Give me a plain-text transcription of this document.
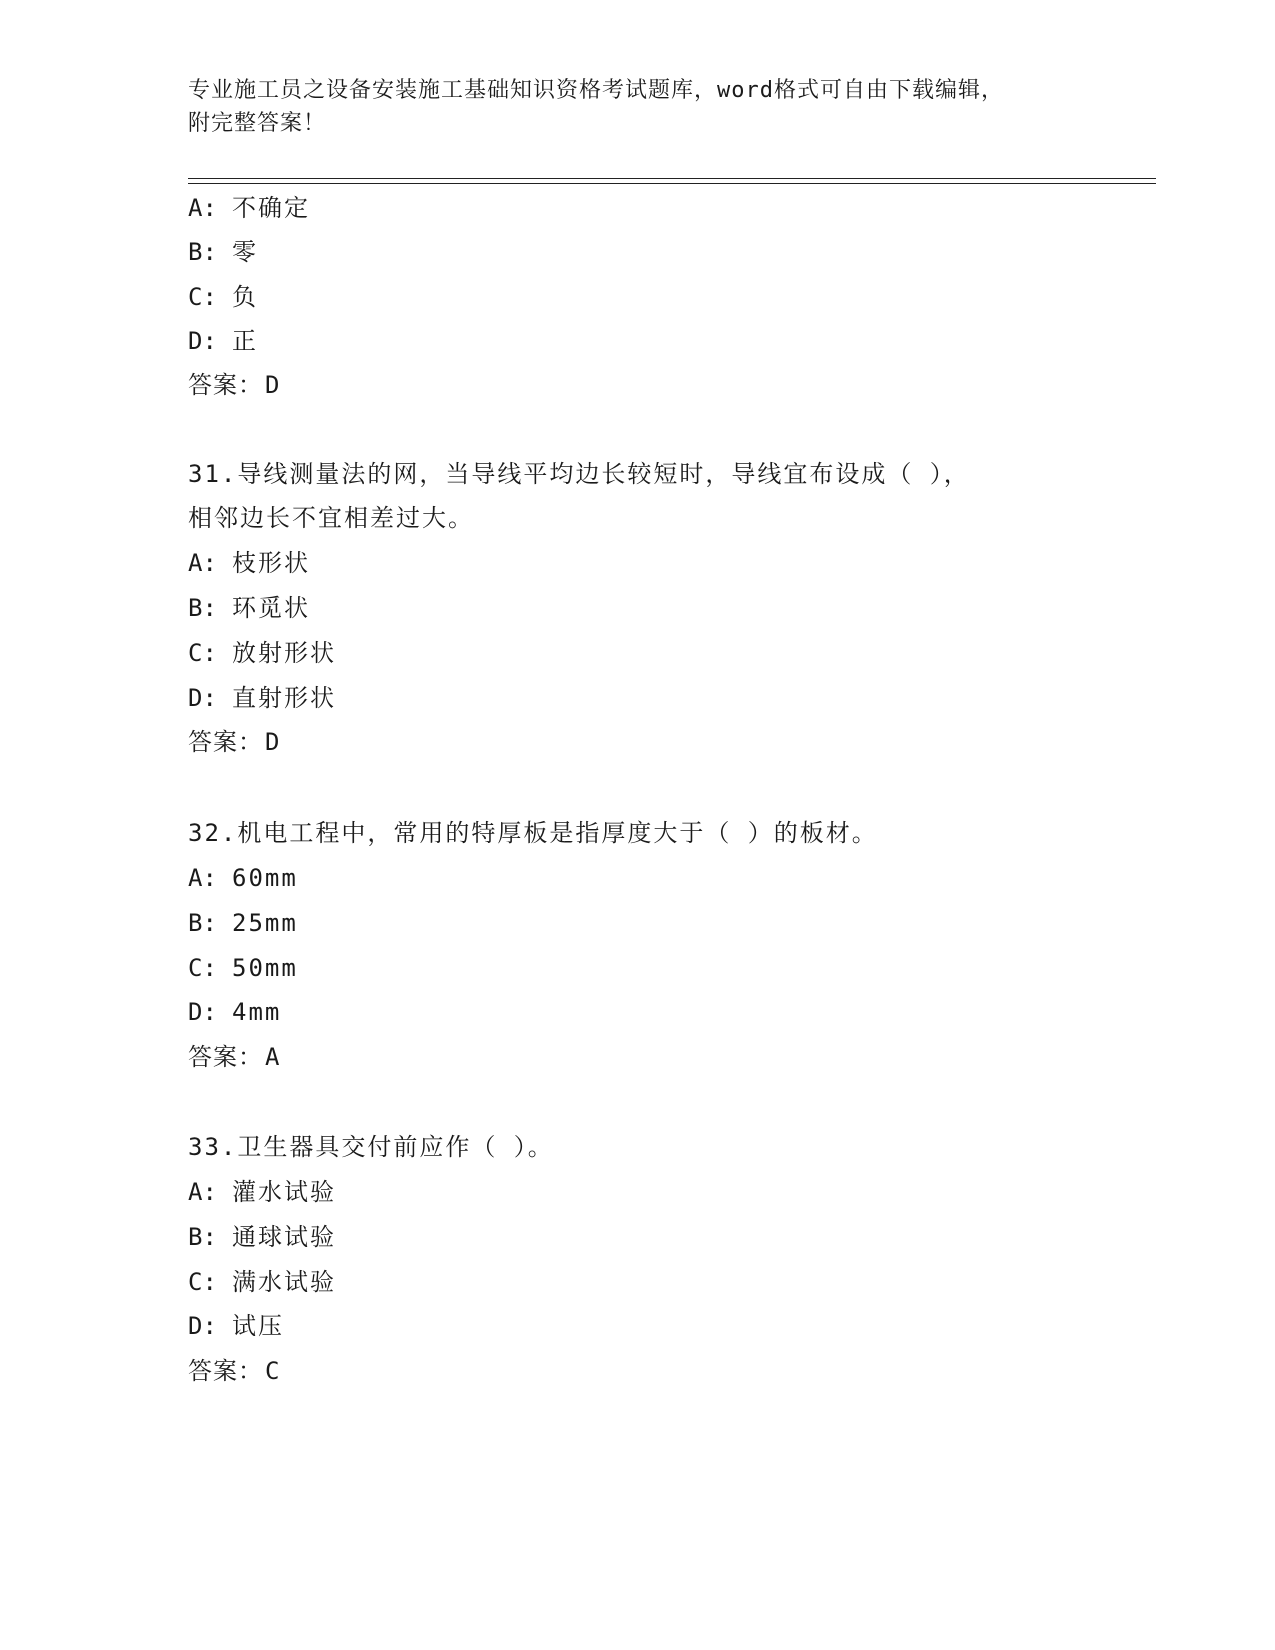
专业施工员之设备安装施工基础知识资格考试题库，word格式可自由下载编辑，
附完整答案！
A: 不确定
B: 零
C: 负
D: 正
答案：D
31.导线测量法的网，当导线平均边长较短时，导线宜布设成（ ），
相邻边长不宜相差过大。
A: 枝形状
B: 环觅状
C: 放射形状
D: 直射形状
答案：D
32.机电工程中，常用的特厚板是指厚度大于（ ）的板材。
A: 60mm
B: 25mm
C: 50mm
D: 4mm
答案：A
33.卫生器具交付前应作（ ）。
A: 灌水试验
B: 通球试验
C: 满水试验
D: 试压
答案：C
